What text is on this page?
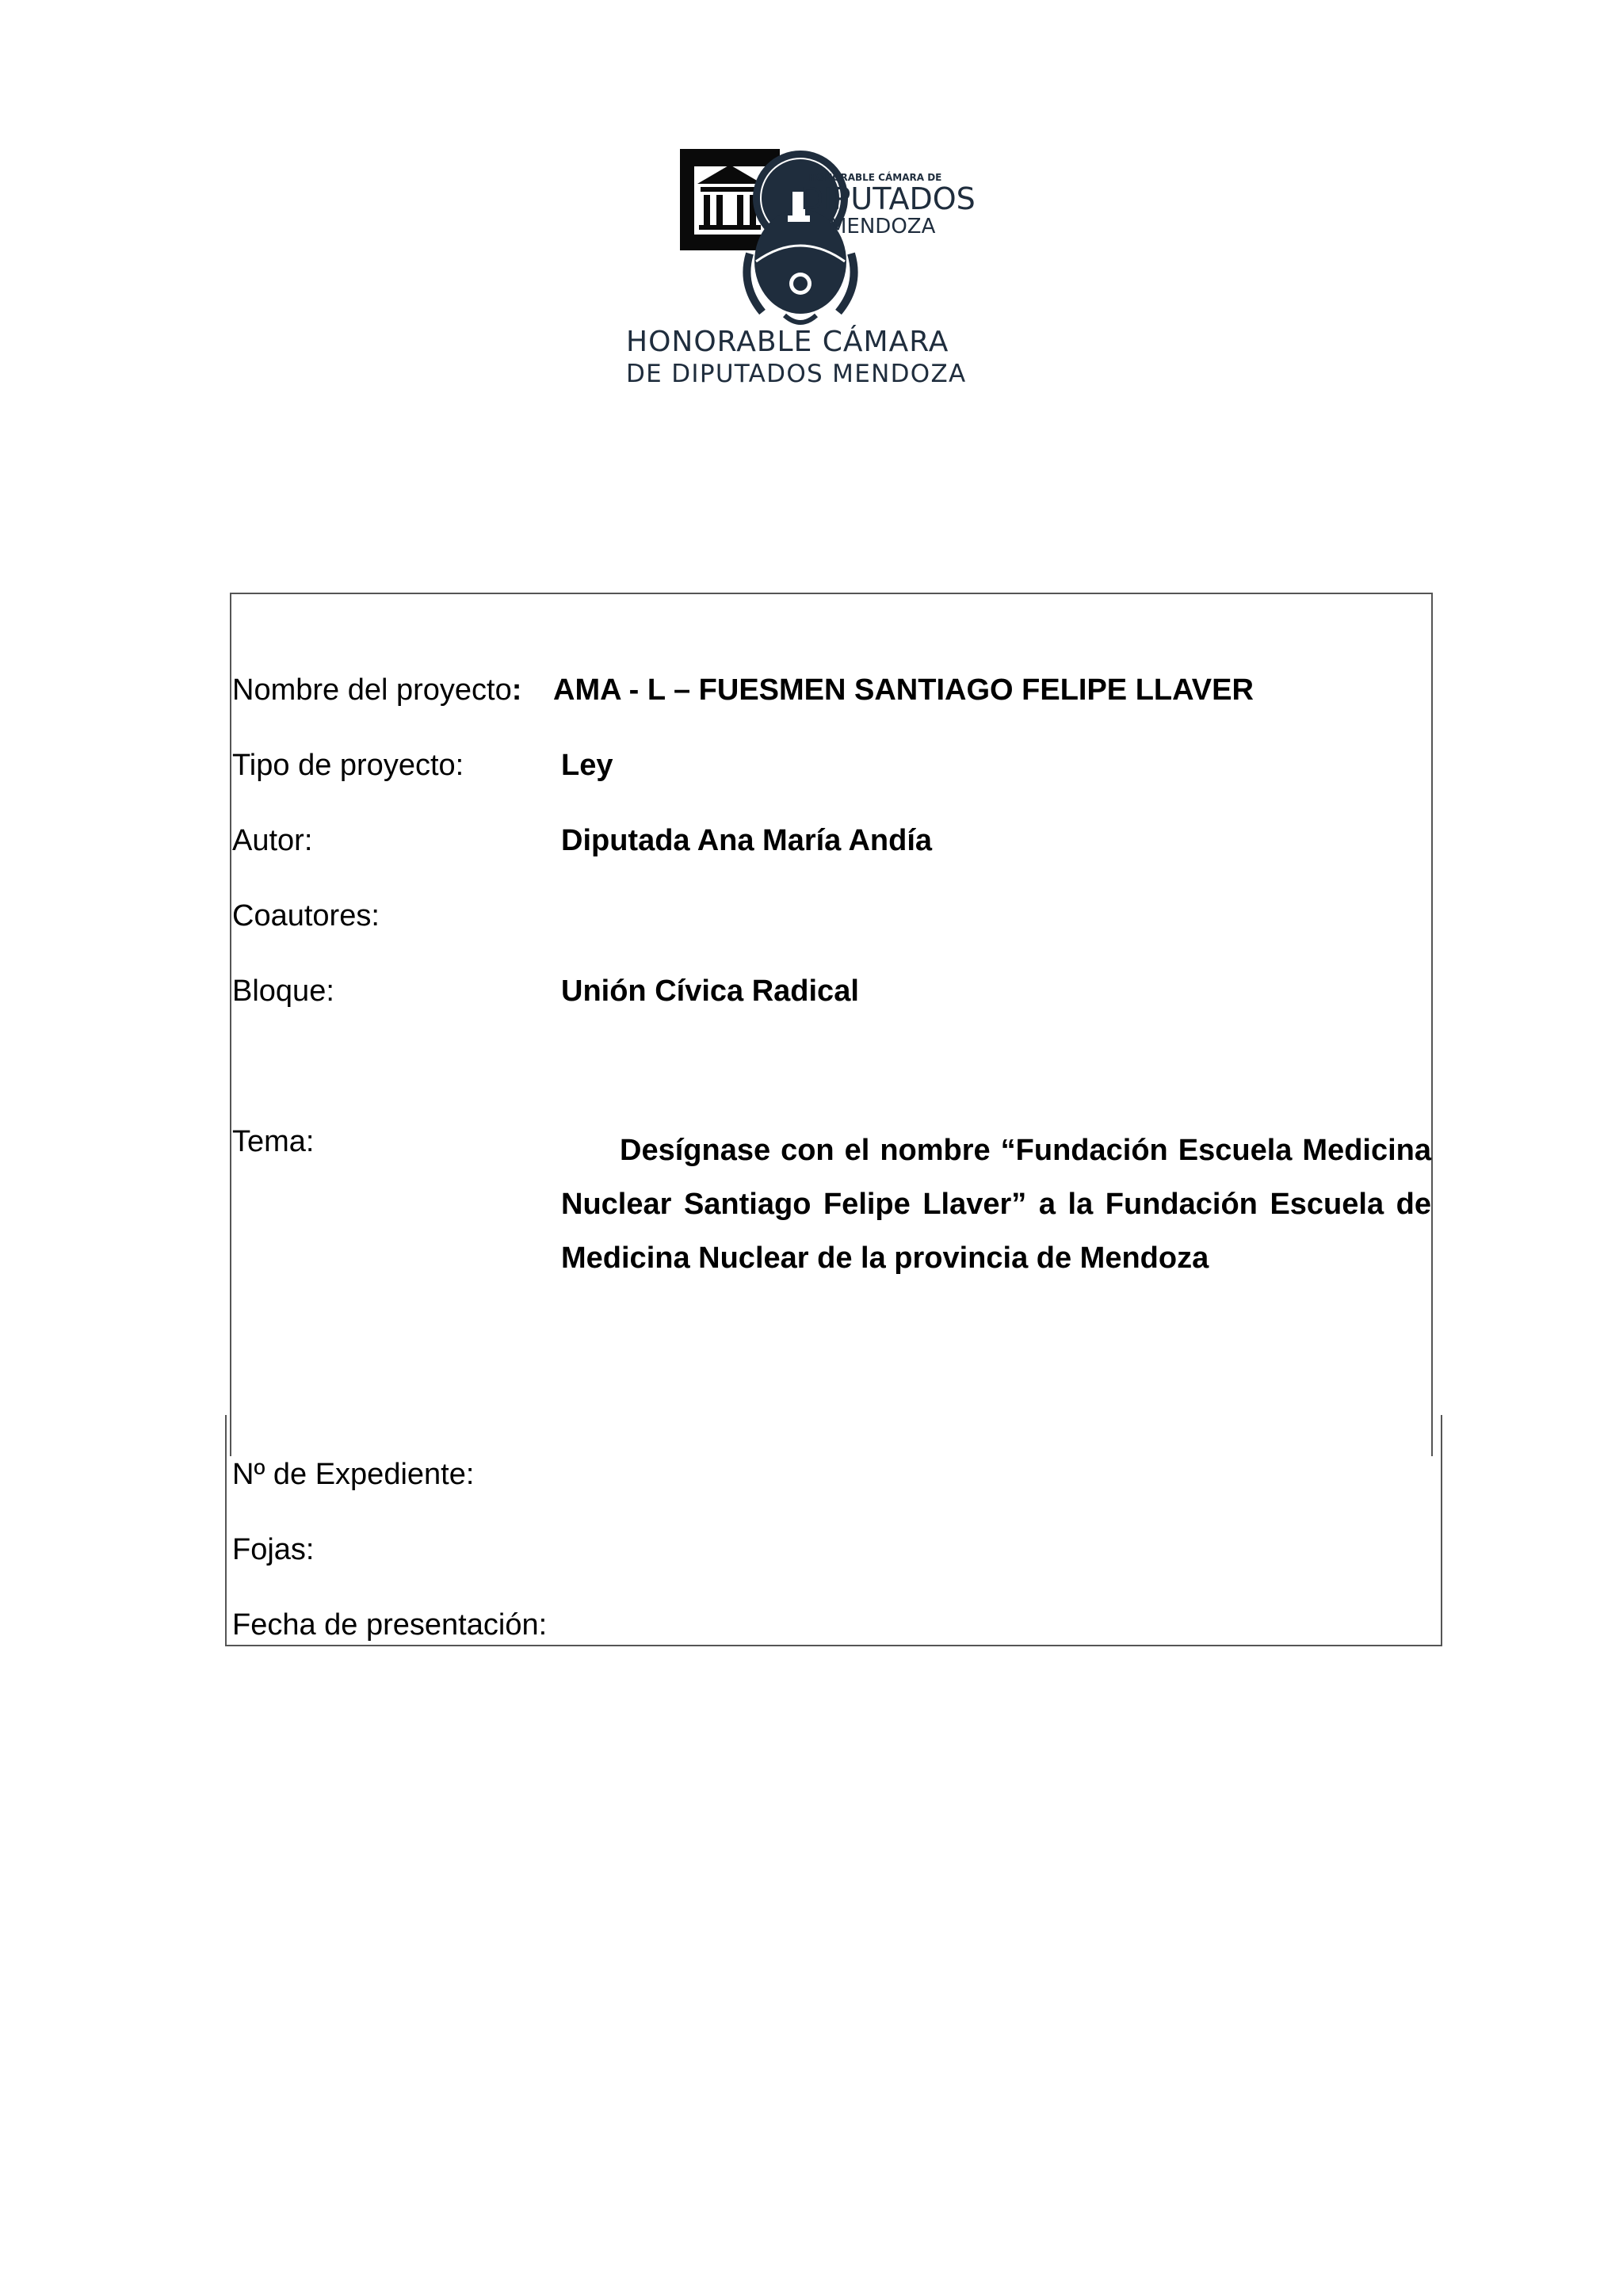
HONORABLE CÁMARA DE
DIPUTADOS
MENDOZA
HONORABLE CÁMARA
DE DIPUTADOS MENDOZA
Nombre del proyecto: AMA - L – FUESMEN SANTIAGO FELIPE LLAVER
Tipo de proyecto:	Ley
Autor:	Diputada Ana María Andía
Coautores:
Bloque:	Unión Cívica Radical
Tema:	Desígnase con el nombre “Fundación Escuela Medicina Nuclear Santiago Felipe Llaver” a la Fundación Escuela de Medicina Nuclear de la provincia de Mendoza
Nº de Expediente:
Fojas:
Fecha de presentación:
